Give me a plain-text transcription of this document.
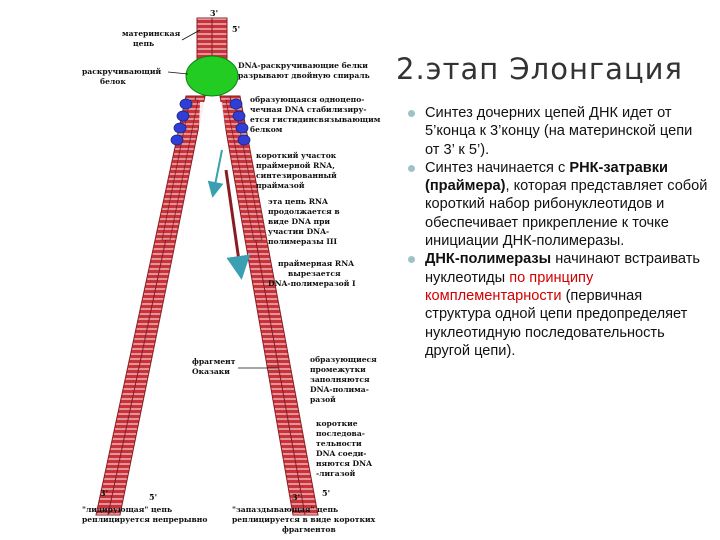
3'
5'
3'	5'	3'	5'
материнская
цепь
раскручивающий
белок
DNA-раскручивающие белки
разрывают двойную спираль
образующаяся одноцепо-
чечная DNA стабилизиру-
ется гистидинсвязывающим
белком
короткий участок
праймерной RNA,
синтезированный
праймазой
эта цепь RNA
продолжается в
виде DNA при
участии DNA-
полимеразы III
праймерная RNA
вырезается
DNA-полимеразой I
фрагмент
Оказаки
образующиеся
промежутки
заполняются
DNA-полима-
разой
короткие
последова-
тельности
DNA соеди-
няются DNA
-лигазой
"лидирующая" цепь
реплицируется непрерывно
"запаздывающая" цепь
реплицируется в виде коротких
фрагментов
2.этап Элонгация
Синтез дочерних цепей ДНК идет от 5’конца к 3’концу (на материнской цепи от 3’ к 5’).
Синтез начинается с РНК-затравки (праймера), которая представляет собой короткий набор рибонуклеотидов и обеспечивает прикрепление к точке инициации ДНК-полимеразы.
ДНК-полимеразы начинают встраивать нуклеотиды по принципу комплементарности (первичная структура одной цепи предопределяет нуклеотидную последовательность другой цепи).
